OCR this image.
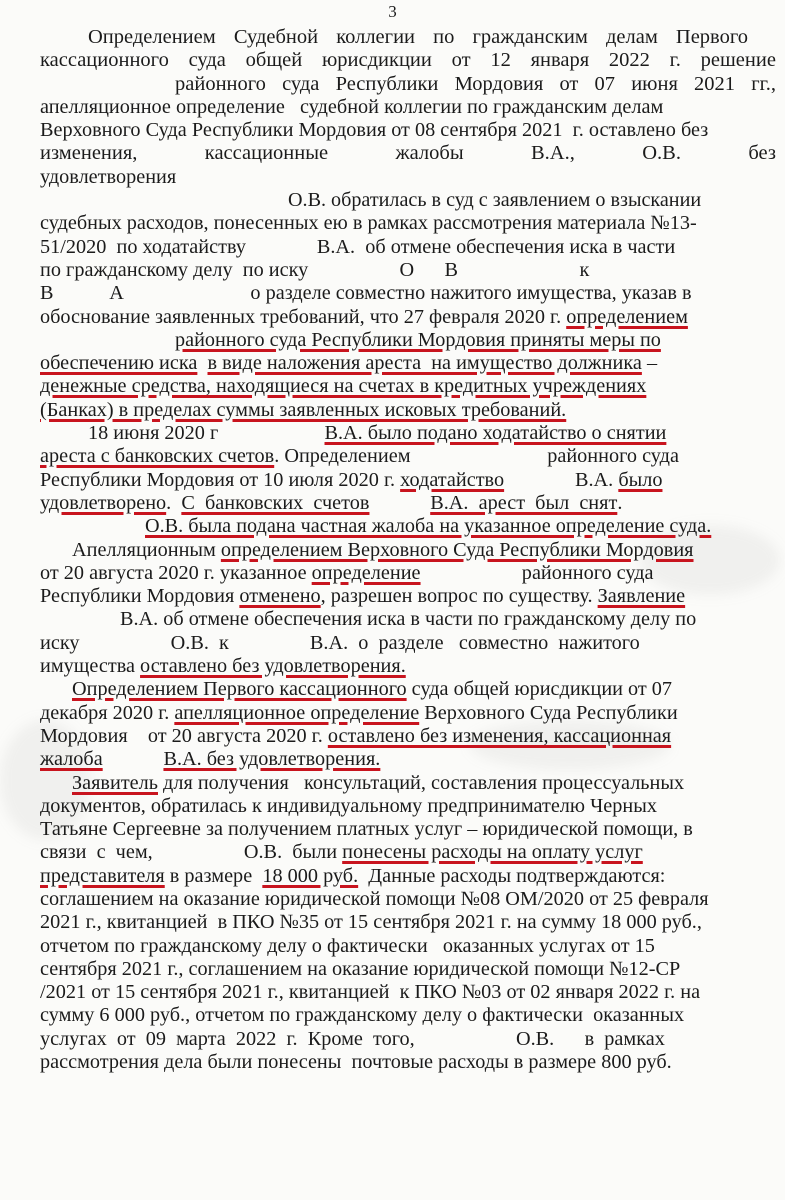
3
Определением Судебной коллегии по гражданским делам Первого
кассационного суда общей юрисдикции от 12 января 2022 г. решение
районного суда Республики Мордовия от 07 июня 2021 гг.,
апелляционное определение   судебной коллегии по гражданским делам
Верховного Суда Республики Мордовия от 08 сентября 2021  г. оставлено без
изменения,	кассационные	жалобы	В.А.,	О.В.	без
удовлетворения
О.В. обратилась в суд с заявлением о взыскании
судебных расходов, понесенных ею в рамках рассмотрения материала №13-
51/2020  по ходатайству              В.А.  об отмене обеспечения иска в части
по гражданскому делу  по иску                  О      В                        к
В           А                         о разделе совместно нажитого имущества, указав в
обоснование заявленных требований, что 27 февраля 2020 г. определением
районного суда Республики Мордовия приняты меры по
обеспечению иска в виде наложения ареста  на имущество должника –
денежные средства, находящиеся на счетах в кредитных учреждениях
(Банках) в пределах суммы заявленных исковых требований.
18 июня 2020 г                     В.А. было подано ходатайство о снятии
ареста с банковских счетов. Определением                           районного суда
Республики Мордовия от 10 июля 2020 г. ходатайство              В.А. было
удовлетворено.  С  банковских  счетов	В.А.  арест  был  снят.
О.В. была подана частная жалоба на указанное определение суда.
Апелляционным определением Верховного Суда Республики Мордовия
от 20 августа 2020 г. указанное определение                    районного суда
Республики Мордовия отменено, разрешен вопрос по существу. Заявление
В.А. об отмене обеспечения иска в части по гражданскому делу по
иску                  О.В.  к                В.А.  о  разделе   совместно  нажитого
имущества оставлено без удовлетворения.
Определением Первого кассационного суда общей юрисдикции от 07
декабря 2020 г. апелляционное определение Верховного Суда Республики
Мордовия    от 20 августа 2020 г. оставлено без изменения, кассационная
жалоба	В.А. без удовлетворения.
Заявитель для получения   консультаций, составления процессуальных
документов, обратилась к индивидуальному предпринимателю Черных
Татьяне Сергеевне за получением платных услуг – юридической помощи, в
связи  с  чем,                  О.В.  были понесены расходы на оплату услуг
представителя в размере  18 000 руб.  Данные расходы подтверждаются:
соглашением на оказание юридической помощи №08 ОМ/2020 от 25 февраля
2021 г., квитанцией  в ПКО №35 от 15 сентября 2021 г. на сумму 18 000 руб.,
отчетом по гражданскому делу о фактически   оказанных услугах от 15
сентября 2021 г., соглашением на оказание юридической помощи №12-СР
/2021 от 15 сентября 2021 г., квитанцией  к ПКО №03 от 02 января 2022 г. на
сумму 6 000 руб., отчетом по гражданскому делу о фактически  оказанных
услугах  от  09  марта  2022  г.  Кроме  того,                    О.В.      в  рамках
рассмотрения дела были понесены  почтовые расходы в размере 800 руб.
